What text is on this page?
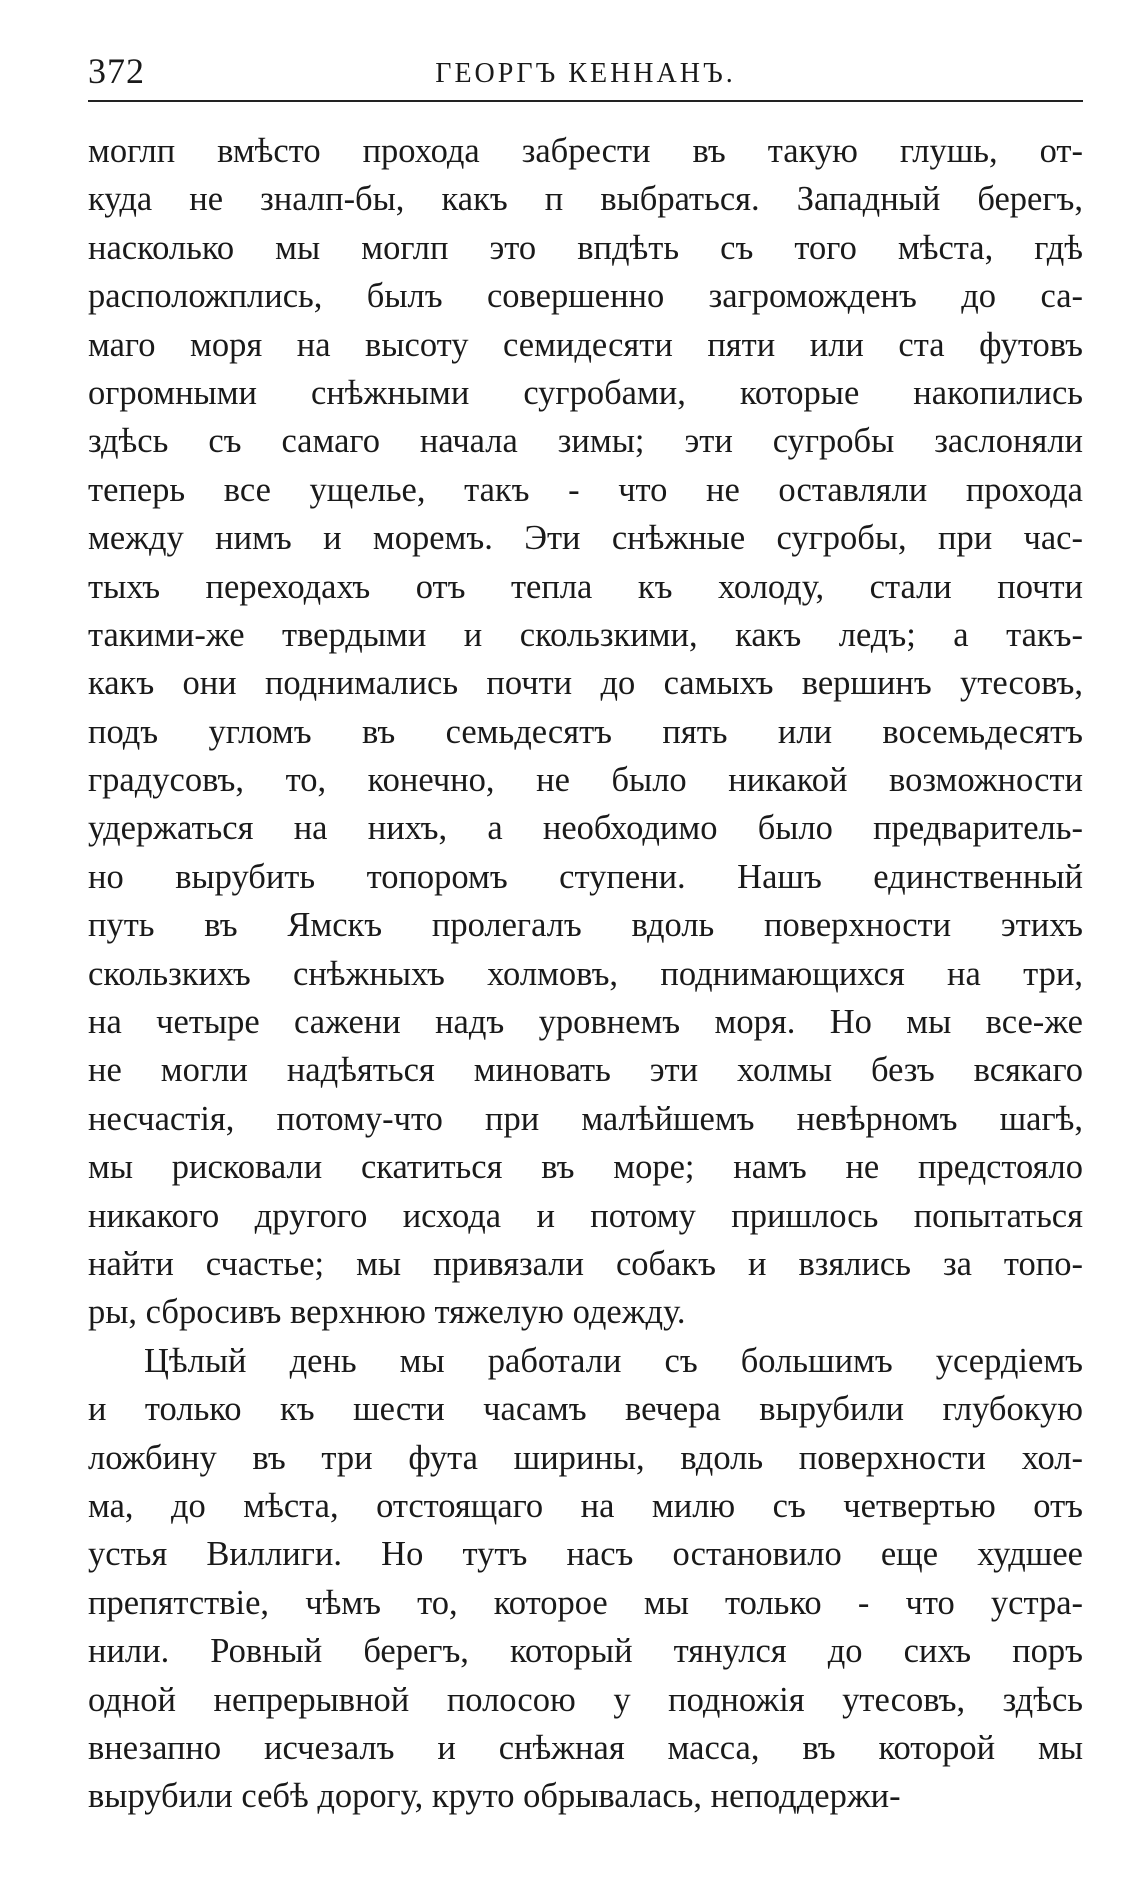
372	ГЕОРГЪ КЕННАНЪ.
моглп вмѣсто прохода забрести въ такую глушь, от-
куда не зналп-бы, какъ п выбраться. Западный берегъ,
насколько мы моглп это впдѣть съ того мѣста, гдѣ
расположплись, былъ совершенно загроможденъ до са-
маго моря на высоту семидесяти пяти или ста футовъ
огромными снѣжными сугробами, которые накопились
здѣсь съ самаго начала зимы; эти сугробы заслоняли
теперь все ущелье, такъ - что не оставляли прохода
между нимъ и моремъ. Эти снѣжные сугробы, при час-
тыхъ переходахъ отъ тепла къ холоду, стали почти
такими-же твердыми и скользкими, какъ ледъ; а такъ-
какъ они поднимались почти до самыхъ вершинъ утесовъ,
подъ угломъ въ семьдесятъ пять или восемьдесятъ
градусовъ, то, конечно, не было никакой возможности
удержаться на нихъ, а необходимо было предваритель-
но вырубить топоромъ ступени. Нашъ единственный
путь въ Ямскъ пролегалъ вдоль поверхности этихъ
скользкихъ снѣжныхъ холмовъ, поднимающихся на три,
на четыре сажени надъ уровнемъ моря. Но мы все-же
не могли надѣяться миновать эти холмы безъ всякаго
несчастія, потому-что при малѣйшемъ невѣрномъ шагѣ,
мы рисковали скатиться въ море; намъ не предстояло
никакого другого исхода и потому пришлось попытаться
найти счастье; мы привязали собакъ и взялись за топо-
ры, сбросивъ верхнюю тяжелую одежду.
Цѣлый день мы работали съ большимъ усердіемъ
и только къ шести часамъ вечера вырубили глубокую
ложбину въ три фута ширины, вдоль поверхности хол-
ма, до мѣста, отстоящаго на милю съ четвертью отъ
устья Виллиги. Но тутъ насъ остановило еще худшее
препятствіе, чѣмъ то, которое мы только - что устра-
нили. Ровный берегъ, который тянулся до сихъ поръ
одной непрерывной полосою у подножія утесовъ, здѣсь
внезапно исчезалъ и снѣжная масса, въ которой мы
вырубили себѣ дорогу, круто обрывалась, неподдержи-
